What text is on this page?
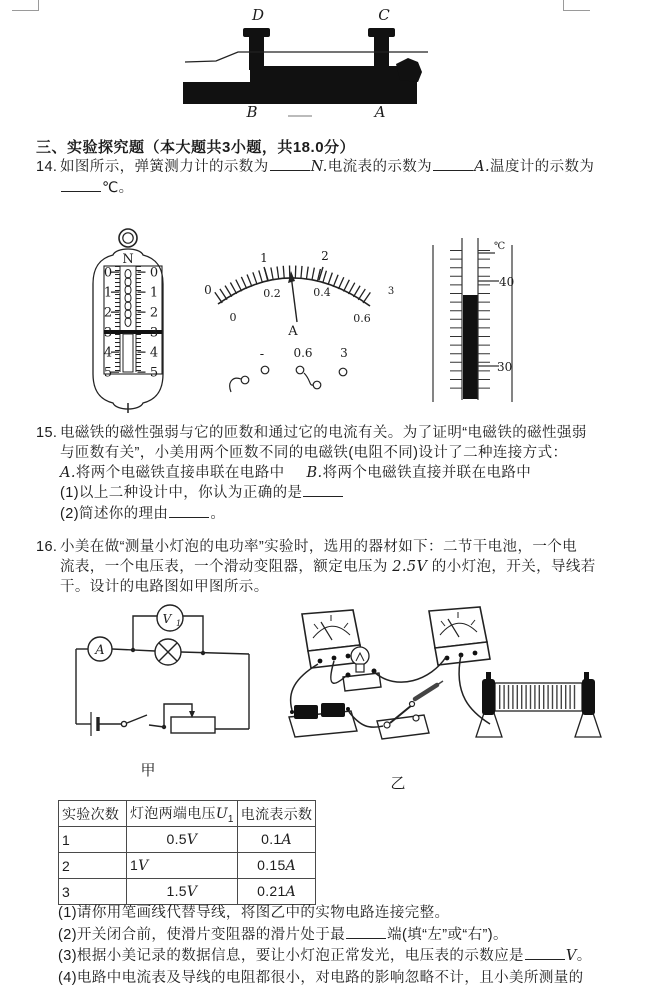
D	C
B	A
三、实验探究题（本大题共3小题，共18.0分）
14. 如图所示，弹簧测力计的示数为	N.电流表的示数为	A.温度计的示数为
℃。
N
0
1
2
3
4
5
0
1
2
3
4
5
0
1	2
3
0
0.2	0.4
0.6
A
- 0.6 3
℃
40
30
15. 电磁铁的磁性强弱与它的匝数和通过它的电流有关。为了证明“电磁铁的磁性强弱
与匝数有关”，小美用两个匝数不同的电磁铁(电阻不同)设计了二种连接方式：
A.将两个电磁铁直接串联在电路中 B.将两个电磁铁直接并联在电路中
(1)以上二种设计中，你认为正确的是
(2)简述你的理由	。
16. 小美在做“测量小灯泡的电功率”实验时，选用的器材如下：二节干电池，一个电
流表，一个电压表，一个滑动变阻器，额定电压为 2.5V 的小灯泡，开关，导线若
干。设计的电路图如甲图所示。
V 1
A
甲
乙
实验次数	灯泡两端电压$U_1$	电流表示数
1	0.5V	0.1A
2	1V	0.15A
3	1.5V	0.21A
(1)请你用笔画线代替导线，将图乙中的实物电路连接完整。
(2)开关闭合前，使滑片变阻器的滑片处于最	端(填“左”或“右”)。
(3)根据小美记录的数据信息，要让小灯泡正常发光，电压表的示数应是	V。
(4)电路中电流表及导线的电阻都很小，对电路的影响忽略不计，且小美所测量的
